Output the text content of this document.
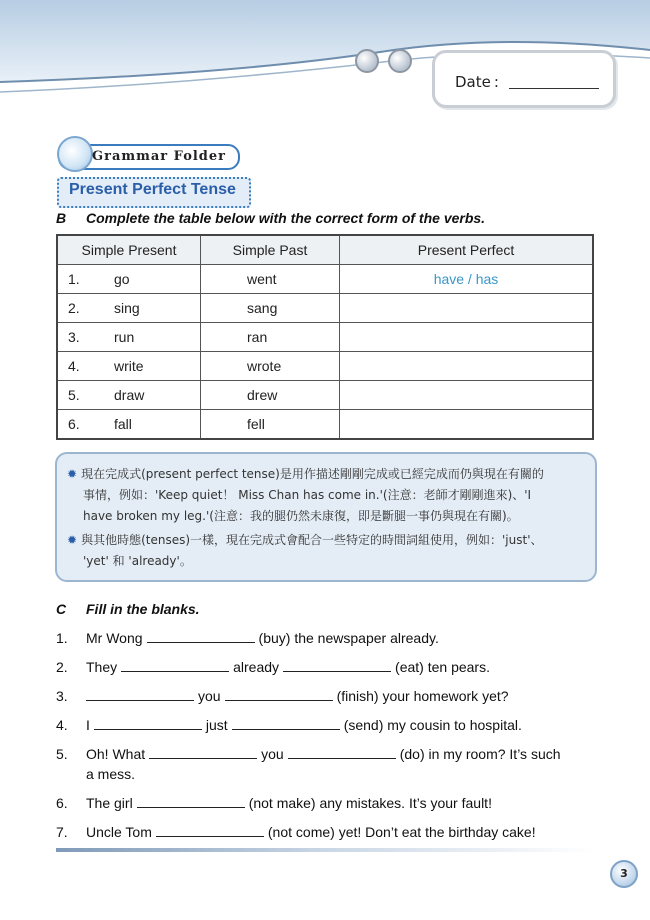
Date :
Grammar Folder
Present Perfect Tense
B Complete the table below with the correct form of the verbs.
Simple Present	Simple Past	Present Perfect
1. go	went	have / has
2. sing	sang	
3. run	ran	
4. write	wrote	
5. draw	drew	
6. fall	fell	
✹ 現在完成式(present perfect tense)是用作描述剛剛完成或已經完成而仍與現在有關的
事情，例如：'Keep quiet！ Miss Chan has come in.'(注意：老師才剛剛進來)、'I
have broken my leg.'(注意：我的腿仍然未康復，即是斷腿一事仍與現在有關)。
✹ 與其他時態(tenses)一樣，現在完成式會配合一些特定的時間詞組使用，例如：'just'、
'yet' 和 'already'。
C Fill in the blanks.
1. Mr Wong	(buy) the newspaper already.
2. They	already	(eat) ten pears.
3.	you	(finish) your homework yet?
4. I	just	(send) my cousin to hospital.
5. Oh! What	you	(do) in my room? It’s such
a mess.
6. The girl	(not make) any mistakes. It’s your fault!
7. Uncle Tom	(not come) yet! Don’t eat the birthday cake!
3
